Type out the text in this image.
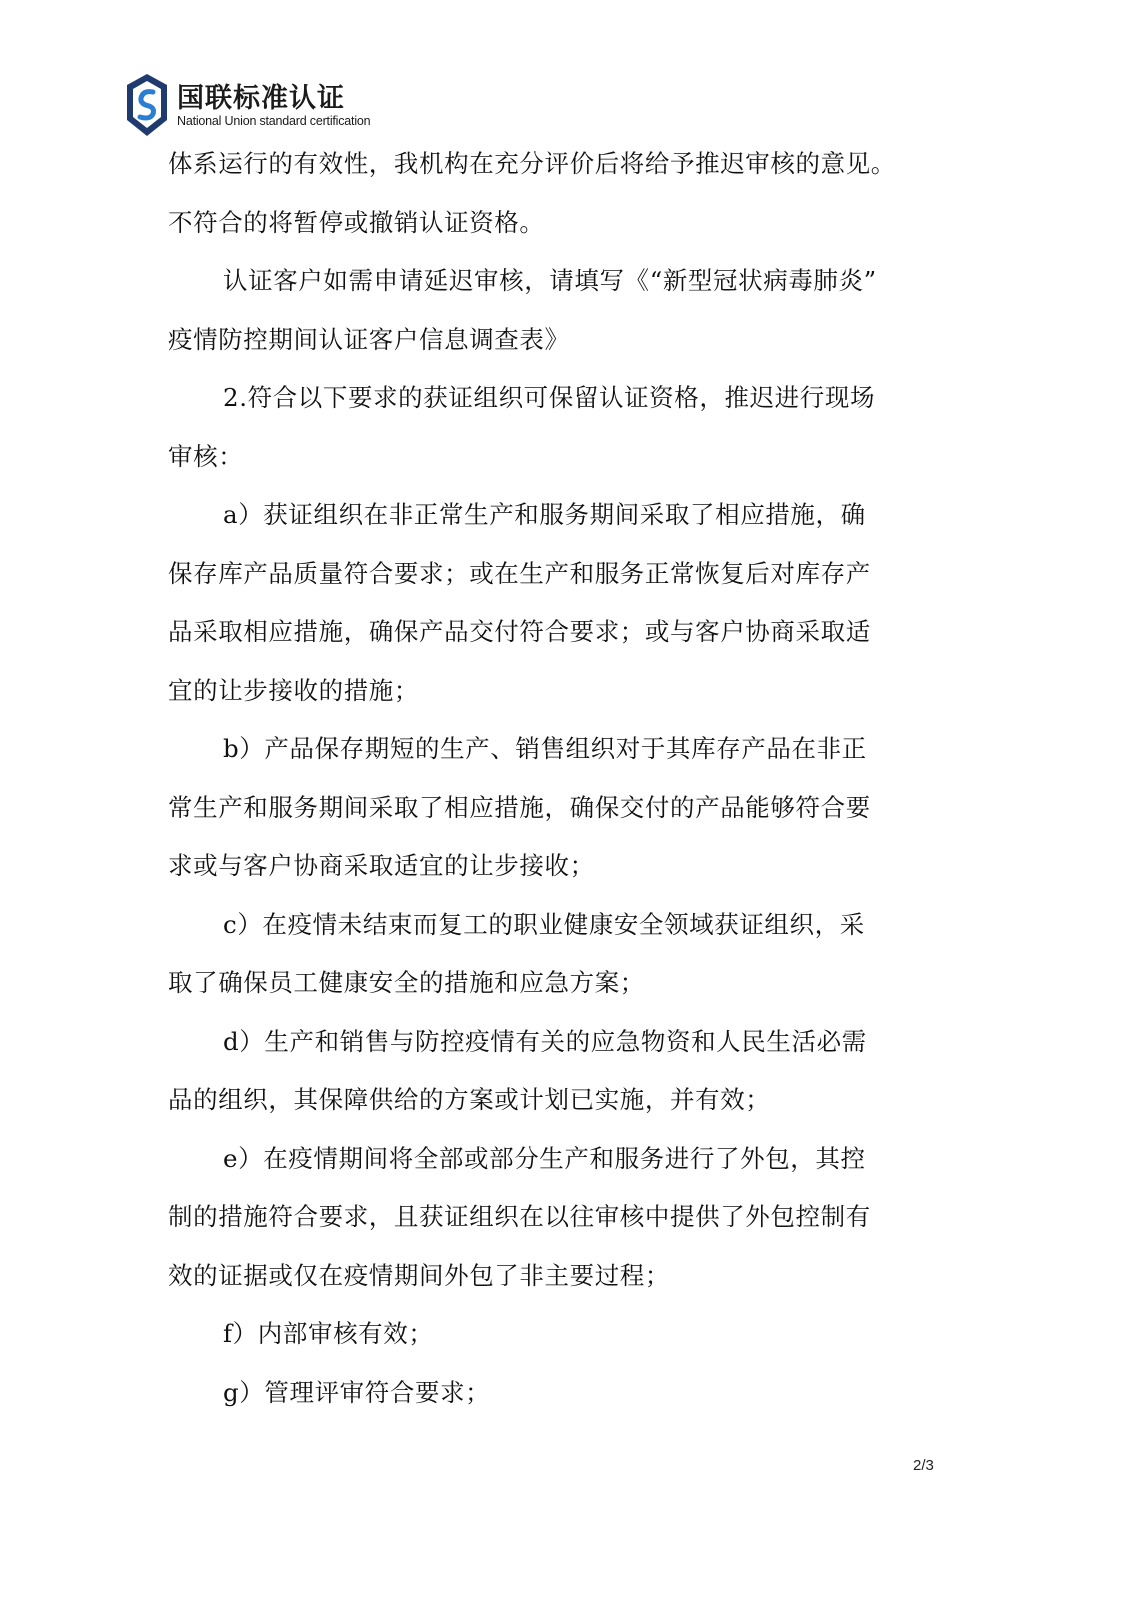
国联标准认证
National Union standard certification
体系运行的有效性，我机构在充分评价后将给予推迟审核的意见。
不符合的将暂停或撤销认证资格。
认证客户如需申请延迟审核，请填写《“新型冠状病毒肺炎”
疫情防控期间认证客户信息调查表》
2.符合以下要求的获证组织可保留认证资格，推迟进行现场
审核：
a）获证组织在非正常生产和服务期间采取了相应措施，确
保存库产品质量符合要求；或在生产和服务正常恢复后对库存产
品采取相应措施，确保产品交付符合要求；或与客户协商采取适
宜的让步接收的措施；
b）产品保存期短的生产、销售组织对于其库存产品在非正
常生产和服务期间采取了相应措施，确保交付的产品能够符合要
求或与客户协商采取适宜的让步接收；
c）在疫情未结束而复工的职业健康安全领域获证组织，采
取了确保员工健康安全的措施和应急方案；
d）生产和销售与防控疫情有关的应急物资和人民生活必需
品的组织，其保障供给的方案或计划已实施，并有效；
e）在疫情期间将全部或部分生产和服务进行了外包，其控
制的措施符合要求，且获证组织在以往审核中提供了外包控制有
效的证据或仅在疫情期间外包了非主要过程；
f）内部审核有效；
g）管理评审符合要求；
2/3
